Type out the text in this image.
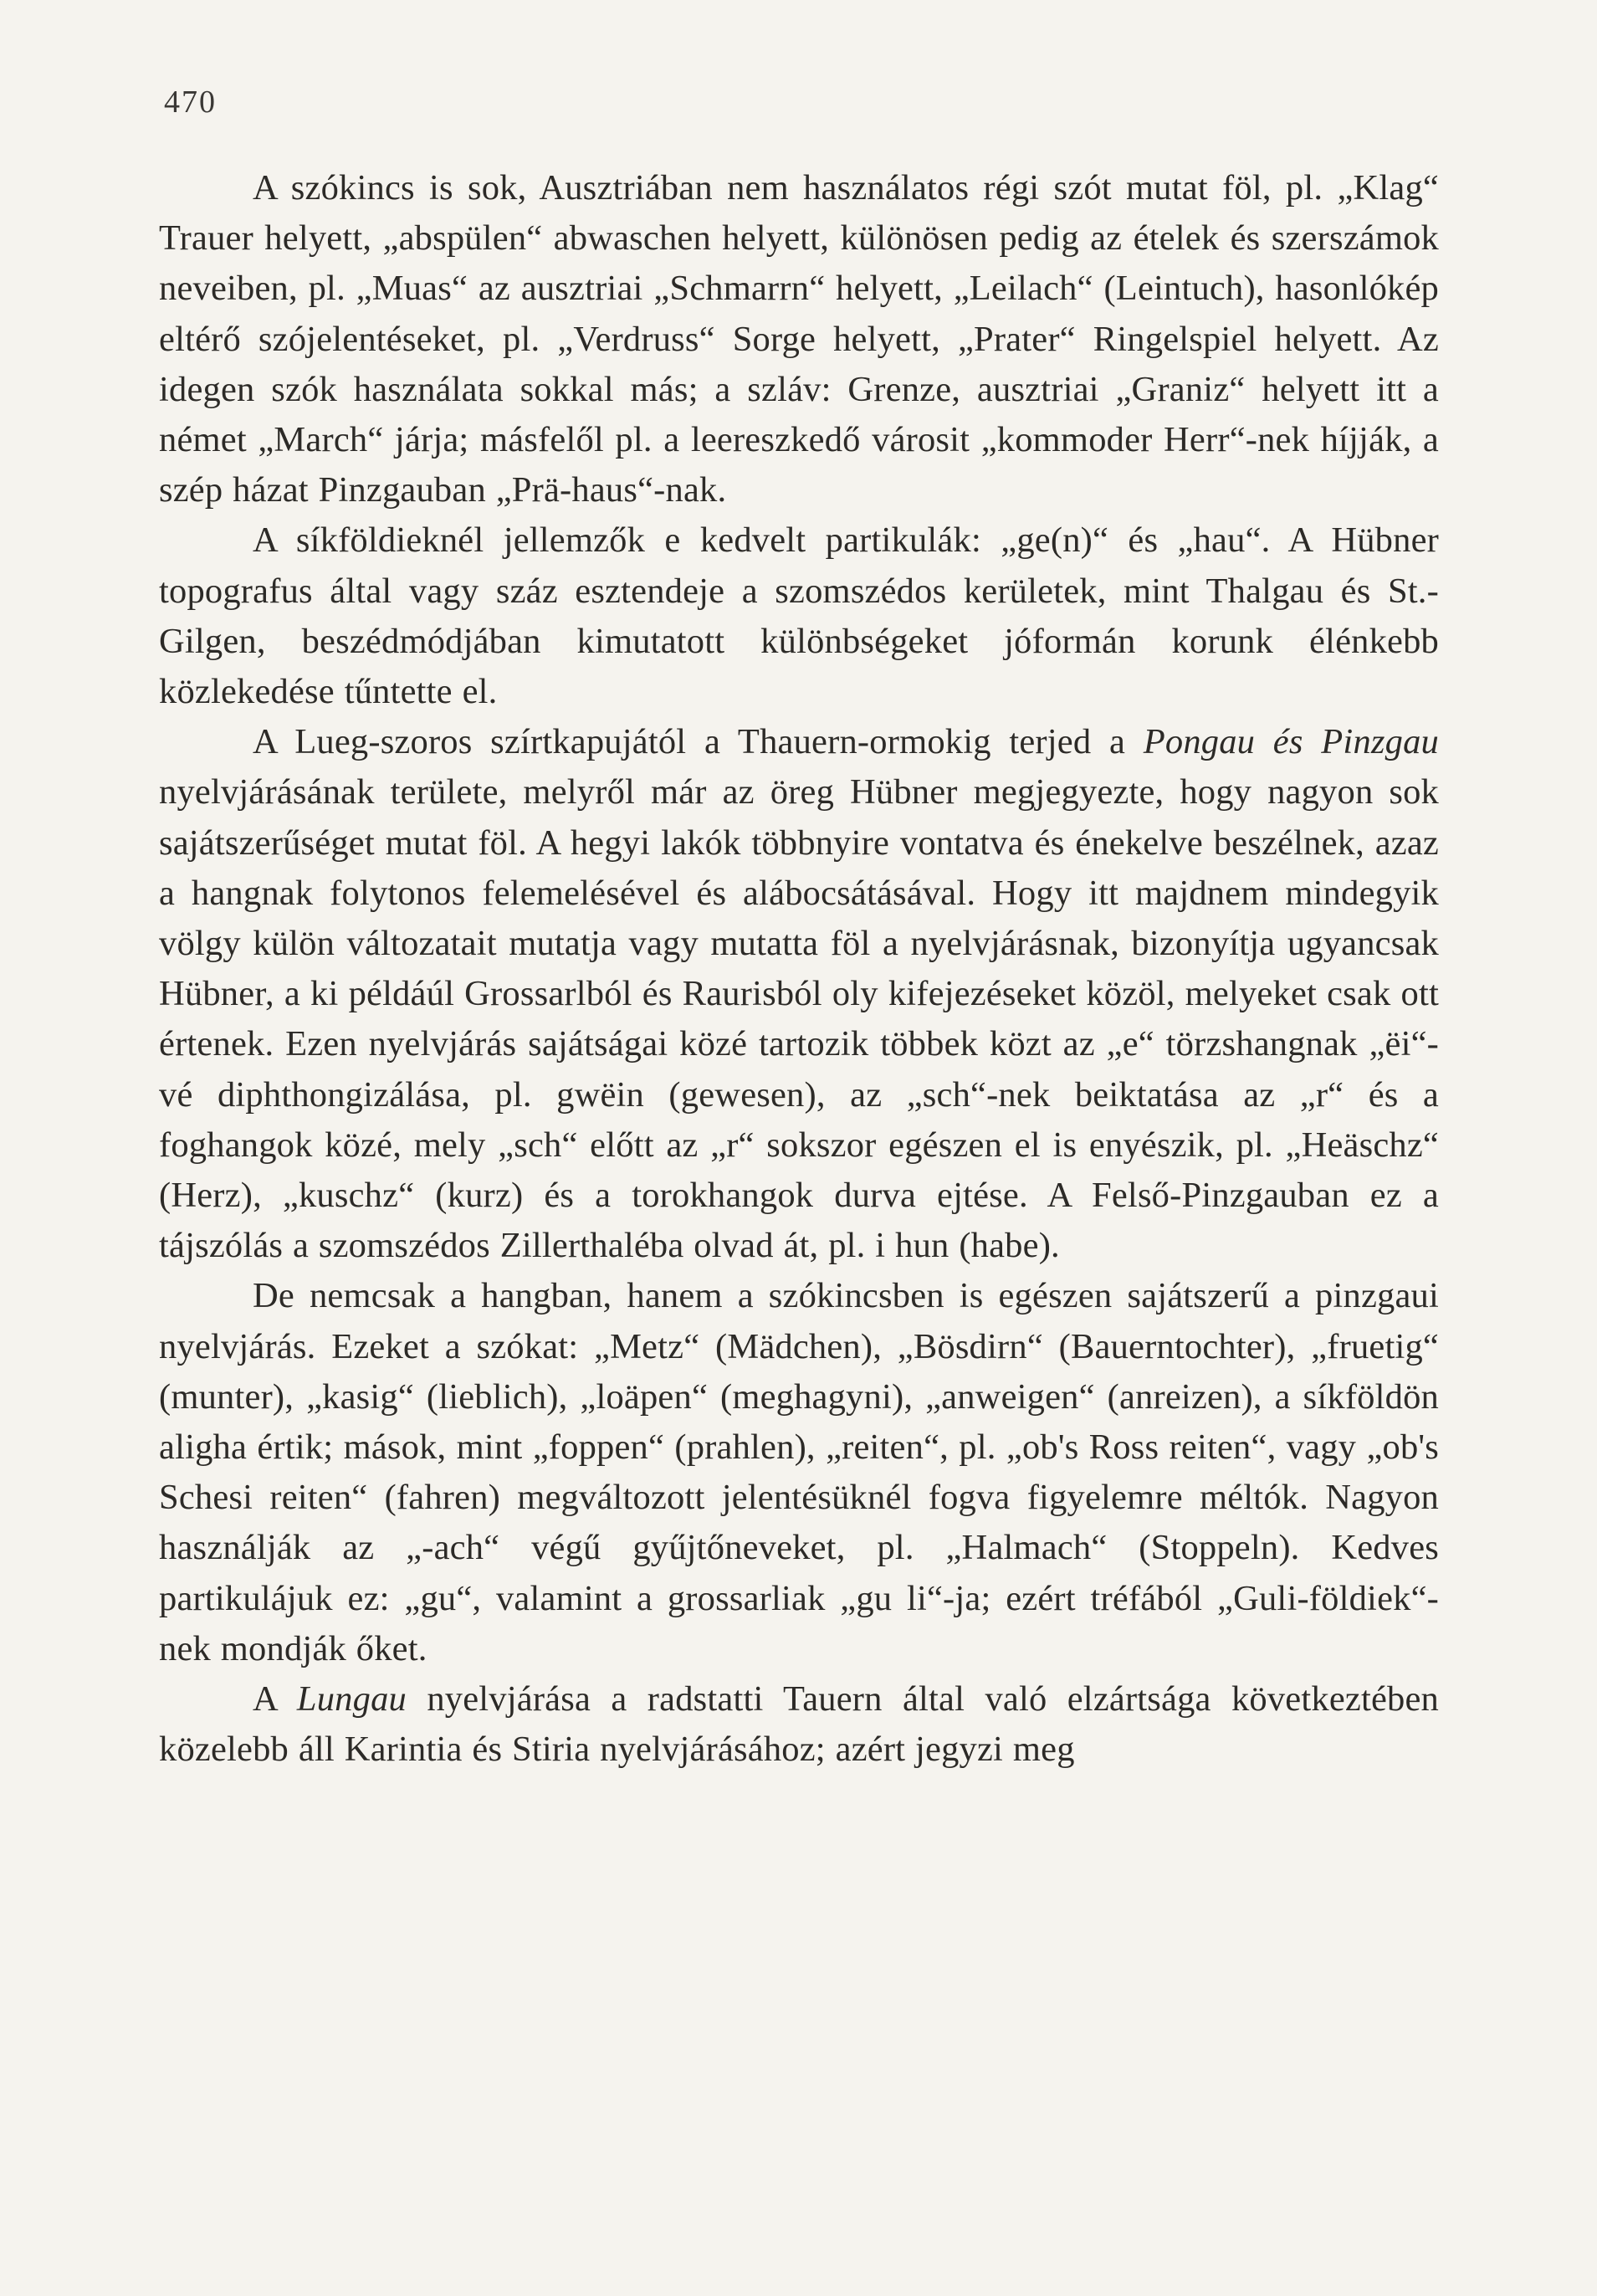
470

A szókincs is sok, Ausztriában nem használatos régi szót mutat föl, pl. „Klag“ Trauer helyett, „abspülen“ abwaschen helyett, különösen pedig az ételek és szerszámok neveiben, pl. „Muas“ az ausztriai „Schmarrn“ helyett, „Leilach“ (Leintuch), hasonlókép eltérő szójelentéseket, pl. „Verdruss“ Sorge helyett, „Prater“ Ringelspiel helyett. Az idegen szók használata sokkal más; a szláv: Grenze, ausztriai „Graniz“ helyett itt a német „March“ járja; másfelől pl. a leereszkedő városit „kommoder Herr“-nek híjják, a szép házat Pinzgauban „Prä-haus“-nak.

A síkföldieknél jellemzők e kedvelt partikulák: „ge(n)“ és „hau“. A Hübner topografus által vagy száz esztendeje a szomszédos kerületek, mint Thalgau és St.-Gilgen, beszédmódjában kimutatott különbségeket jóformán korunk élénkebb közlekedése tűntette el.

A Lueg-szoros szírtkapujától a Thauern-ormokig terjed a Pongau és Pinzgau nyelvjárásának területe, melyről már az öreg Hübner megjegyezte, hogy nagyon sok sajátszerűséget mutat föl. A hegyi lakók többnyire vontatva és énekelve beszélnek, azaz a hangnak folytonos felemelésével és alábocsátásával. Hogy itt majdnem mindegyik völgy külön változatait mutatja vagy mutatta föl a nyelvjárásnak, bizonyítja ugyancsak Hübner, a ki példáúl Grossarlból és Raurisból oly kifejezéseket közöl, melyeket csak ott értenek. Ezen nyelvjárás sajátságai közé tartozik többek közt az „e“ törzshangnak „ëi“-vé diphthongizálása, pl. gwëin (gewesen), az „sch“-nek beiktatása az „r“ és a foghangok közé, mely „sch“ előtt az „r“ sokszor egészen el is enyészik, pl. „Heäschz“ (Herz), „kuschz“ (kurz) és a torokhangok durva ejtése. A Felső-Pinzgauban ez a tájszólás a szomszédos Zillerthaléba olvad át, pl. i hun (habe).

De nemcsak a hangban, hanem a szókincsben is egészen sajátszerű a pinzgaui nyelvjárás. Ezeket a szókat: „Metz“ (Mädchen), „Bösdirn“ (Bauerntochter), „fruetig“ (munter), „kasig“ (lieblich), „loäpen“ (meghagyni), „anweigen“ (anreizen), a síkföldön aligha értik; mások, mint „foppen“ (prahlen), „reiten“, pl. „ob's Ross reiten“, vagy „ob's Schesi reiten“ (fahren) megváltozott jelentésüknél fogva figyelemre méltók. Nagyon használják az „-ach“ végű gyűjtőneveket, pl. „Halmach“ (Stoppeln). Kedves partikulájuk ez: „gu“, valamint a grossarliak „gu li“-ja; ezért tréfából „Guli-földiek“-nek mondják őket.

A Lungau nyelvjárása a radstatti Tauern által való elzártsága következtében közelebb áll Karintia és Stiria nyelvjárásához; azért jegyzi meg
